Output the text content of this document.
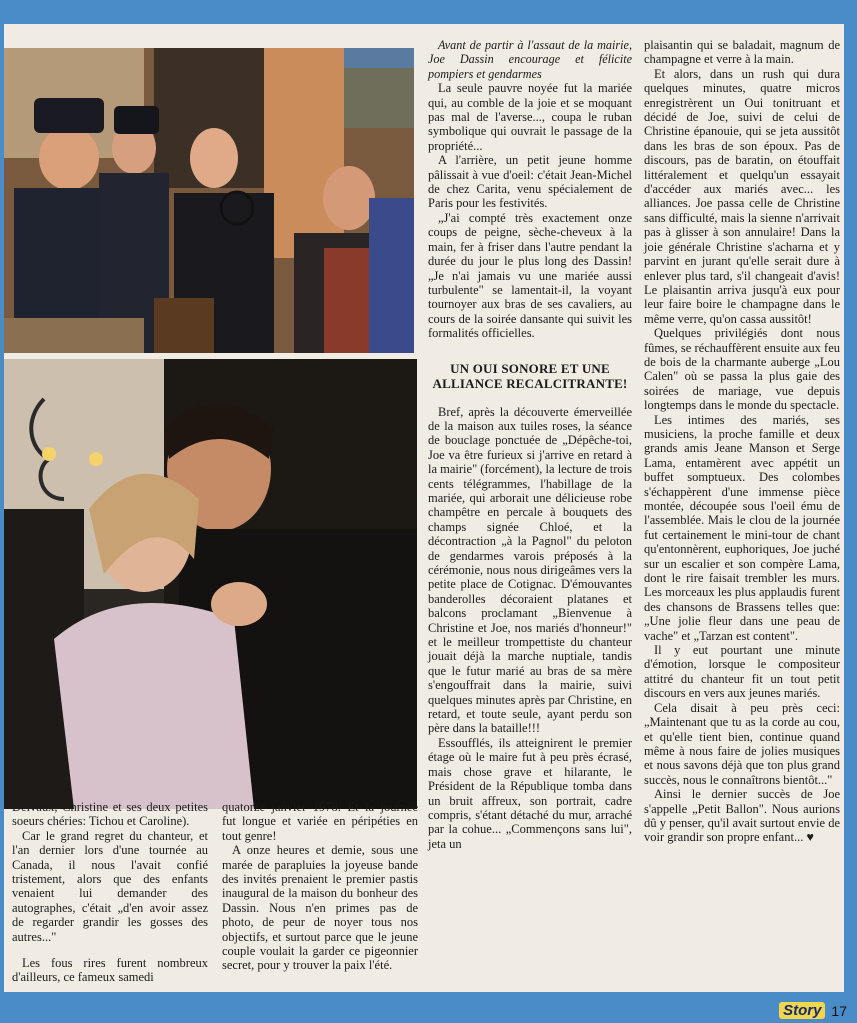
Delvaux, Christine et ses deux petites soeurs chéries: Tichou et Caroline).

Car le grand regret du chanteur, et l'an dernier lors d'une tournée au Canada, il nous l'avait confié tristement, alors que des enfants venaient lui demander des autographes, c'était „d'en avoir assez de regarder grandir les gosses des autres..."

Les fous rires furent nombreux d'ailleurs, ce fameux samedi

quatorze janvier 1978. Et la journée fut longue et variée en péripéties en tout genre!

A onze heures et demie, sous une marée de parapluies la joyeuse bande des invités prenaient le premier pastis inaugural de la maison du bonheur des Dassin. Nous n'en primes pas de photo, de peur de noyer tous nos objectifs, et surtout parce que le jeune couple voulait la garder ce pigeonnier secret, pour y trouver la paix l'été.

Avant de partir à l'assaut de la mairie, Joe Dassin encourage et félicite pompiers et gendarmes

La seule pauvre noyée fut la mariée qui, au comble de la joie et se moquant pas mal de l'averse..., coupa le ruban symbolique qui ouvrait le passage de la propriété...

A l'arrière, un petit jeune homme pâlissait à vue d'oeil: c'était Jean-Michel de chez Carita, venu spécialement de Paris pour les festivités.

„J'ai compté très exactement onze coups de peigne, sèche-cheveux à la main, fer à friser dans l'autre pendant la durée du jour le plus long des Dassin! „Je n'ai jamais vu une mariée aussi turbulente" se lamentait-il, la voyant tournoyer aux bras de ses cavaliers, au cours de la soirée dansante qui suivit les formalités officielles.

UN OUI SONORE ET UNE ALLIANCE RECALCITRANTE!

Bref, après la découverte émerveillée de la maison aux tuiles roses, la séance de bouclage ponctuée de „Dépêche-toi, Joe va être furieux si j'arrive en retard à la mairie" (forcément), la lecture de trois cents télégrammes, l'habillage de la mariée, qui arborait une délicieuse robe champêtre en percale à bouquets des champs signée Chloé, et la décontraction „à la Pagnol" du peloton de gendarmes varois préposés à la cérémonie, nous nous dirigeâmes vers la petite place de Cotignac. D'émouvantes banderolles décoraient platanes et balcons proclamant „Bienvenue à Christine et Joe, nos mariés d'honneur!" et le meilleur trompettiste du chanteur jouait déjà la marche nuptiale, tandis que le futur marié au bras de sa mère s'engouffrait dans la mairie, suivi quelques minutes après par Christine, en retard, et toute seule, ayant perdu son père dans la bataille!!!

Essoufflés, ils atteignirent le premier étage où le maire fut à peu près écrasé, mais chose grave et hilarante, le Président de la République tomba dans un bruit affreux, son portrait, cadre compris, s'étant détaché du mur, arraché par la cohue... „Commençons sans lui", jeta un

plaisantin qui se baladait, magnum de champagne et verre à la main.

Et alors, dans un rush qui dura quelques minutes, quatre micros enregistrèrent un Oui tonitruant et décidé de Joe, suivi de celui de Christine épanouie, qui se jeta aussitôt dans les bras de son époux. Pas de discours, pas de baratin, on étouffait littéralement et quelqu'un essayait d'accéder aux mariés avec... les alliances. Joe passa celle de Christine sans difficulté, mais la sienne n'arrivait pas à glisser à son annulaire! Dans la joie générale Christine s'acharna et y parvint en jurant qu'elle serait dure à enlever plus tard, s'il changeait d'avis! Le plaisantin arriva jusqu'à eux pour leur faire boire le champagne dans le même verre, qu'on cassa aussitôt!

Quelques privilégiés dont nous fûmes, se réchauffèrent ensuite aux feu de bois de la charmante auberge „Lou Calen" où se passa la plus gaie des soirées de mariage, vue depuis longtemps dans le monde du spectacle.

Les intimes des mariés, ses musiciens, la proche famille et deux grands amis Jeane Manson et Serge Lama, entamèrent avec appétit un buffet somptueux. Des colombes s'échappèrent d'une immense pièce montée, découpée sous l'oeil ému de l'assemblée. Mais le clou de la journée fut certainement le mini-tour de chant qu'entonnèrent, euphoriques, Joe juché sur un escalier et son compère Lama, dont le rire faisait trembler les murs. Les morceaux les plus applaudis furent des chansons de Brassens telles que: „Une jolie fleur dans une peau de vache" et „Tarzan est content".

Il y eut pourtant une minute d'émotion, lorsque le compositeur attitré du chanteur fit un tout petit discours en vers aux jeunes mariés.

Cela disait à peu près ceci: „Maintenant que tu as la corde au cou, et qu'elle tient bien, continue quand même à nous faire de jolies musiques et nous savons déjà que ton plus grand succès, nous le connaîtrons bientôt..."

Ainsi le dernier succès de Joe s'appelle „Petit Ballon". Nous aurions dû y penser, qu'il avait surtout envie de voir grandir son propre enfant... ♥

Story 17
